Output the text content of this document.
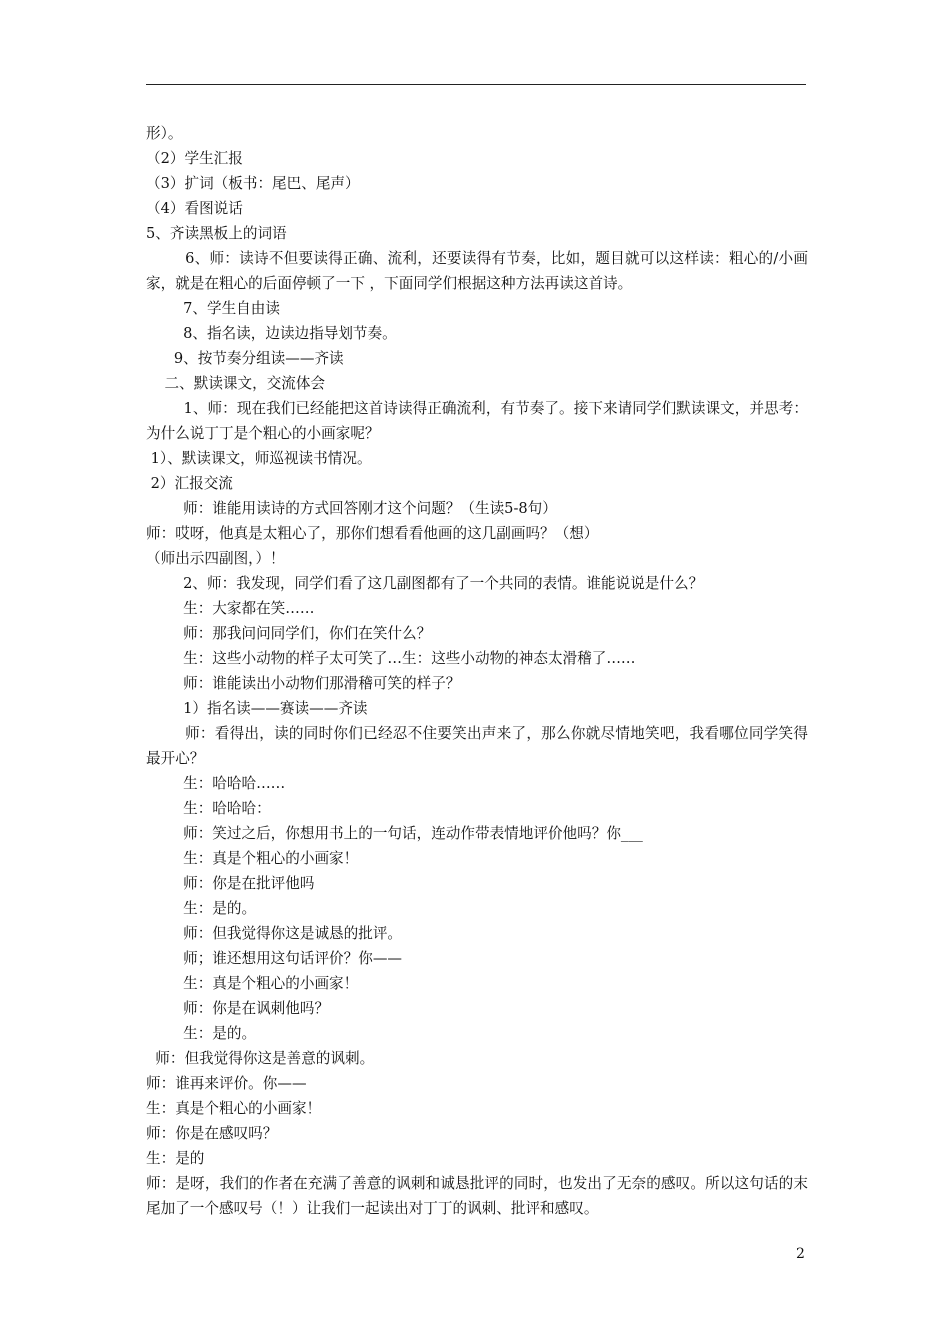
形）。

（2）学生汇报

（3）扩词（板书：尾巴、尾声）

（4）看图说话

5、齐读黑板上的词语

6、师：读诗不但要读得正确、流利，还要读得有节奏，比如，题目就可以这样读：粗心的/小画家，就是在粗心的后面停顿了一下 ，下面同学们根据这种方法再读这首诗。

7、学生自由读

8、指名读，边读边指导划节奏。

9、按节奏分组读——齐读

二、默读课文，交流体会

1、师：现在我们已经能把这首诗读得正确流利，有节奏了。接下来请同学们默读课文，并思考：为什么说丁丁是个粗心的小画家呢？

1）、默读课文，师巡视读书情况。

2）汇报交流

师：谁能用读诗的方式回答刚才这个问题？（生读5-8句）

师：哎呀，他真是太粗心了，那你们想看看他画的这几副画吗？（想）

（师出示四副图，）！

2、师：我发现，同学们看了这几副图都有了一个共同的表情。谁能说说是什么？

生：大家都在笑……

师：那我问问同学们，你们在笑什么？

生：这些小动物的样子太可笑了…生：这些小动物的神态太滑稽了……

师：谁能读出小动物们那滑稽可笑的样子？

1）指名读——赛读——齐读

师：看得出，读的同时你们已经忍不住要笑出声来了，那么你就尽情地笑吧，我看哪位同学笑得最开心？

生：哈哈哈……

生：哈哈哈：

师：笑过之后，你想用书上的一句话，连动作带表情地评价他吗？你___

生：真是个粗心的小画家！

师：你是在批评他吗

生：是的。

师：但我觉得你这是诚恳的批评。

师；谁还想用这句话评价？你——

生：真是个粗心的小画家！

师：你是在讽刺他吗？

生：是的。

师：但我觉得你这是善意的讽刺。

师：谁再来评价。你——

生：真是个粗心的小画家！

师：你是在感叹吗？

生：是的

师：是呀，我们的作者在充满了善意的讽刺和诚恳批评的同时，也发出了无奈的感叹。所以这句话的末尾加了一个感叹号（！）让我们一起读出对丁丁的讽刺、批评和感叹。

2
